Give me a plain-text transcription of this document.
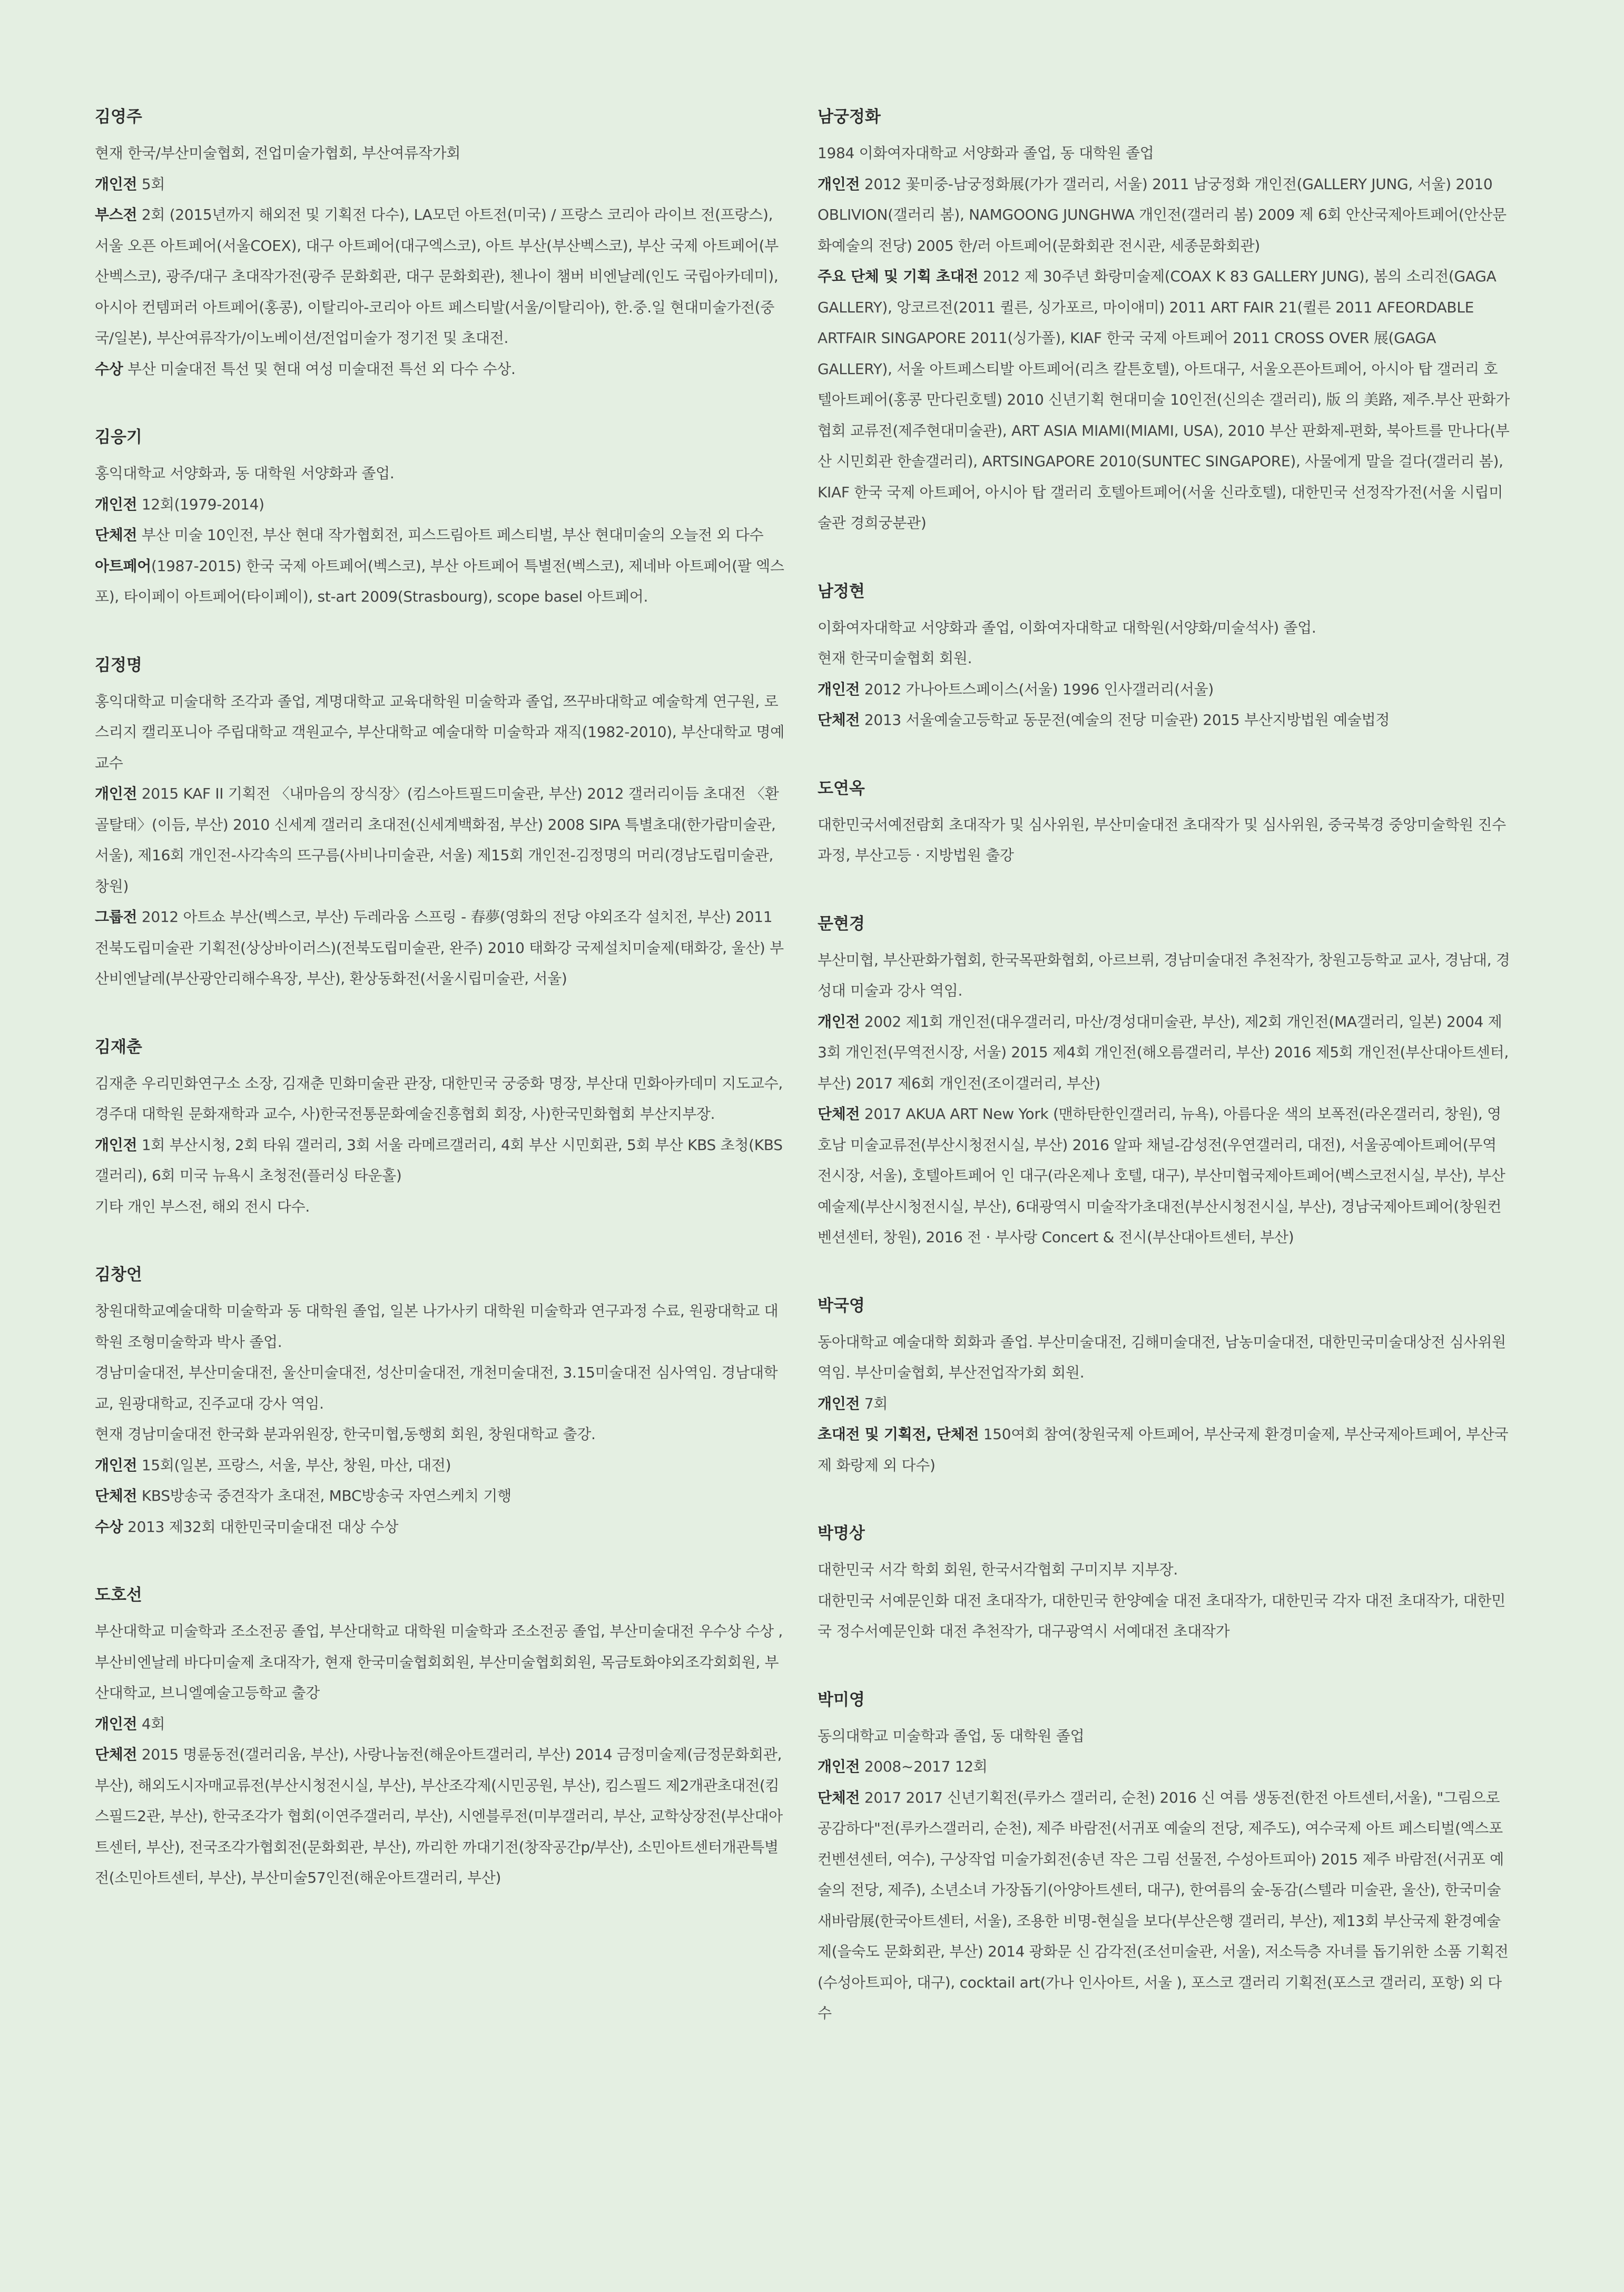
김영주

현재 한국/부산미술협회, 전업미술가협회, 부산여류작가회

개인전 5회

부스전 2회 (2015년까지 해외전 및 기획전 다수), LA모던 아트전(미국) / 프랑스 코리아 라이브 전(프랑스), 서울 오픈 아트페어(서울COEX), 대구 아트페어(대구엑스코), 아트 부산(부산벡스코), 부산 국제 아트페어(부산벡스코), 광주/대구 초대작가전(광주 문화회관, 대구 문화회관), 첸나이 챔버 비엔날레(인도 국립아카데미), 아시아 컨템퍼러 아트페어(홍콩), 이탈리아-코리아 아트 페스티발(서울/이탈리아), 한.중.일 현대미술가전(중국/일본), 부산여류작가/이노베이션/전업미술가 정기전 및 초대전.

수상 부산 미술대전 특선 및 현대 여성 미술대전 특선 외 다수 수상.

김응기

홍익대학교 서양화과, 동 대학원 서양화과 졸업.

개인전 12회(1979-2014)

단체전 부산 미술 10인전, 부산 현대 작가협회전, 피스드림아트 페스티벌, 부산 현대미술의 오늘전 외 다수

아트페어(1987-2015) 한국 국제 아트페어(벡스코), 부산 아트페어 특별전(벡스코), 제네바 아트페어(팔 엑스포), 타이페이 아트페어(타이페이), st-art 2009(Strasbourg), scope basel 아트페어.

김정명

홍익대학교 미술대학 조각과 졸업, 계명대학교 교육대학원 미술학과 졸업, 쯔꾸바대학교 예술학계 연구원, 로스리지 캘리포니아 주립대학교 객원교수, 부산대학교 예술대학 미술학과 재직(1982-2010), 부산대학교 명예교수

개인전 2015 KAF II 기획전 〈내마음의 장식장〉(킴스아트필드미술관, 부산) 2012 갤러리이듬 초대전 〈환골탈태〉(이듬, 부산) 2010 신세계 갤러리 초대전(신세계백화점, 부산) 2008 SIPA 특별초대(한가람미술관, 서울), 제16회 개인전-사각속의 뜨구름(사비나미술관, 서울) 제15회 개인전-김정명의 머리(경남도립미술관, 창원)

그룹전 2012 아트쇼 부산(벡스코, 부산) 두레라움 스프링 - 春夢(영화의 전당 야외조각 설치전, 부산) 2011 전북도립미술관 기획전(상상바이러스)(전북도립미술관, 완주) 2010 태화강 국제설치미술제(태화강, 울산) 부산비엔날레(부산광안리해수욕장, 부산), 환상동화전(서울시립미술관, 서울)

김재춘

김재춘 우리민화연구소 소장, 김재춘 민화미술관 관장, 대한민국 궁중화 명장, 부산대 민화아카데미 지도교수, 경주대 대학원 문화재학과 교수, 사)한국전통문화예술진흥협회 회장, 사)한국민화협회 부산지부장.

개인전 1회 부산시청, 2회 타워 갤러리, 3회 서울 라메르갤러리, 4회 부산 시민회관, 5회 부산 KBS 초청(KBS 갤러리), 6회 미국 뉴욕시 초청전(플러싱 타운홀)

기타 개인 부스전, 해외 전시 다수.

김창언

창원대학교예술대학 미술학과 동 대학원 졸업, 일본 나가사키 대학원 미술학과 연구과정 수료, 원광대학교 대학원 조형미술학과 박사 졸업.

경남미술대전, 부산미술대전, 울산미술대전, 성산미술대전, 개천미술대전, 3.15미술대전 심사역임. 경남대학교, 원광대학교, 진주교대 강사 역임.

현재 경남미술대전 한국화 분과위원장, 한국미협,동행회 회원, 창원대학교 출강.

개인전 15회(일본, 프랑스, 서울, 부산, 창원, 마산, 대전)

단체전 KBS방송국 중견작가 초대전, MBC방송국 자연스케치 기행

수상 2013 제32회 대한민국미술대전 대상 수상

도호선

부산대학교 미술학과 조소전공 졸업, 부산대학교 대학원 미술학과 조소전공 졸업, 부산미술대전 우수상 수상 , 부산비엔날레 바다미술제 초대작가, 현재 한국미술협회회원, 부산미술협회회원, 목금토화야외조각회회원, 부산대학교, 브니엘예술고등학교 출강

개인전 4회

단체전 2015 명륜동전(갤러리움, 부산), 사랑나눔전(해운아트갤러리, 부산) 2014 금정미술제(금정문화회관, 부산), 해외도시자매교류전(부산시청전시실, 부산), 부산조각제(시민공원, 부산), 킴스필드 제2개관초대전(킴스필드2관, 부산), 한국조각가 협회(이연주갤러리, 부산), 시엔블루전(미부갤러리, 부산, 교학상장전(부산대아트센터, 부산), 전국조각가협회전(문화회관, 부산), 까리한 까대기전(창작공간p/부산), 소민아트센터개관특별전(소민아트센터, 부산), 부산미술57인전(해운아트갤러리, 부산)

남궁정화

1984 이화여자대학교 서양화과 졸업, 동 대학원 졸업

개인전 2012 꽃미중-남궁정화展(가가 갤러리, 서울) 2011 남궁정화 개인전(GALLERY JUNG, 서울) 2010 OBLIVION(갤러리 봄), NAMGOONG JUNGHWA 개인전(갤러리 봄) 2009 제 6회 안산국제아트페어(안산문화예술의 전당) 2005 한/러 아트페어(문화회관 전시관, 세종문화회관)

주요 단체 및 기획 초대전 2012 제 30주년 화랑미술제(COAX K 83 GALLERY JUNG), 봄의 소리전(GAGA GALLERY), 앙코르전(2011 퀼른, 싱가포르, 마이애미) 2011 ART FAIR 21(퀼른 2011 AFEORDABLE ARTFAIR SINGAPORE 2011(싱가폴), KIAF 한국 국제 아트페어 2011 CROSS OVER 展(GAGA GALLERY), 서울 아트페스티발 아트페어(리츠 칼튼호텔), 아트대구, 서울오픈아트페어, 아시아 탑 갤러리 호텔아트페어(홍콩 만다린호텔) 2010 신년기획 현대미술 10인전(신의손 갤러리), 版 의 美路, 제주.부산 판화가협회 교류전(제주현대미술관), ART ASIA MIAMI(MIAMI, USA), 2010 부산 판화제-편화, 북아트를 만나다(부산 시민회관 한솔갤러리), ARTSINGAPORE 2010(SUNTEC SINGAPORE), 사물에게 말을 걸다(갤러리 봄), KIAF 한국 국제 아트페어, 아시아 탑 갤러리 호텔아트페어(서울 신라호텔), 대한민국 선정작가전(서울 시립미술관 경희궁분관)

남정현

이화여자대학교 서양화과 졸업, 이화여자대학교 대학원(서양화/미술석사) 졸업.

현재 한국미술협회 회원.

개인전 2012 가나아트스페이스(서울) 1996 인사갤러리(서울)

단체전 2013 서울예술고등학교 동문전(예술의 전당 미술관) 2015 부산지방법원 예술법정

도연옥

대한민국서예전람회 초대작가 및 심사위원, 부산미술대전 초대작가 및 심사위원, 중국북경 중앙미술학원 진수과정, 부산고등 · 지방법원 출강

문현경

부산미협, 부산판화가협회, 한국목판화협회, 아르브뤼, 경남미술대전 추천작가, 창원고등학교 교사, 경남대, 경성대 미술과 강사 역임.

개인전 2002 제1회 개인전(대우갤러리, 마산/경성대미술관, 부산), 제2회 개인전(MA갤러리, 일본) 2004 제3회 개인전(무역전시장, 서울) 2015 제4회 개인전(해오름갤러리, 부산) 2016 제5회 개인전(부산대아트센터, 부산) 2017 제6회 개인전(조이갤러리, 부산)

단체전 2017 AKUA ART New York (맨하탄한인갤러리, 뉴욕), 아름다운 색의 보폭전(라온갤러리, 창원), 영호남 미술교류전(부산시청전시실, 부산) 2016 알파 채널-감성전(우연갤러리, 대전), 서울공예아트페어(무역전시장, 서울), 호텔아트페어 인 대구(라온제나 호텔, 대구), 부산미협국제아트페어(벡스코전시실, 부산), 부산예술제(부산시청전시실, 부산), 6대광역시 미술작가초대전(부산시청전시실, 부산), 경남국제아트페어(창원컨벤션센터, 창원), 2016 전 · 부사랑 Concert & 전시(부산대아트센터, 부산)

박국영

동아대학교 예술대학 회화과 졸업. 부산미술대전, 김해미술대전, 남농미술대전, 대한민국미술대상전 심사위원역임. 부산미술협회, 부산전업작가회 회원.

개인전 7회

초대전 및 기획전, 단체전 150여회 참여(창원국제 아트페어, 부산국제 환경미술제, 부산국제아트페어, 부산국제 화랑제 외 다수)

박명상

대한민국 서각 학회 회원, 한국서각협회 구미지부 지부장.

대한민국 서예문인화 대전 초대작가, 대한민국 한양예술 대전 초대작가, 대한민국 각자 대전 초대작가, 대한민국 정수서예문인화 대전 추천작가, 대구광역시 서예대전 초대작가

박미영

동의대학교 미술학과 졸업, 동 대학원 졸업

개인전 2008~2017 12회

단체전 2017 2017 신년기획전(루카스 갤러리, 순천) 2016 신 여름 생동전(한전 아트센터,서울), "그림으로 공감하다"전(루카스갤러리, 순천), 제주 바람전(서귀포 예술의 전당, 제주도), 여수국제 아트 페스티벌(엑스포 컨벤션센터, 여수), 구상작업 미술가회전(송년 작은 그림 선물전, 수성아트피아) 2015 제주 바람전(서귀포 예술의 전당, 제주), 소년소녀 가장돕기(아양아트센터, 대구), 한여름의 숲-동감(스텔라 미술관, 울산), 한국미술 새바람展(한국아트센터, 서울), 조용한 비명-현실을 보다(부산은행 갤러리, 부산), 제13회 부산국제 환경예술제(을숙도 문화회관, 부산) 2014 광화문 신 감각전(조선미술관, 서울), 저소득층 자녀를 돕기위한 소품 기획전(수성아트피아, 대구), cocktail art(가나 인사아트, 서울 ), 포스코 갤러리 기획전(포스코 갤러리, 포항) 외 다수
